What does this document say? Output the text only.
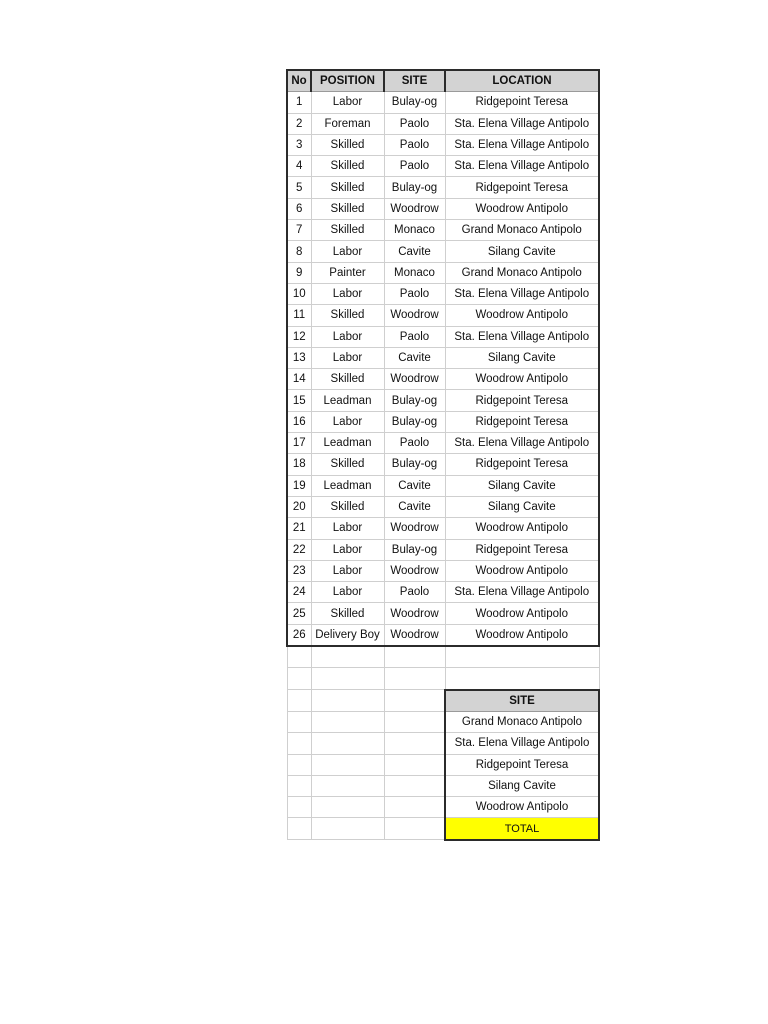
No	POSITION	SITE	LOCATION
1	Labor	Bulay-og	Ridgepoint Teresa
2	Foreman	Paolo	Sta. Elena Village Antipolo
3	Skilled	Paolo	Sta. Elena Village Antipolo
4	Skilled	Paolo	Sta. Elena Village Antipolo
5	Skilled	Bulay-og	Ridgepoint Teresa
6	Skilled	Woodrow	Woodrow Antipolo
7	Skilled	Monaco	Grand Monaco Antipolo
8	Labor	Cavite	Silang Cavite
9	Painter	Monaco	Grand Monaco Antipolo
10	Labor	Paolo	Sta. Elena Village Antipolo
11	Skilled	Woodrow	Woodrow Antipolo
12	Labor	Paolo	Sta. Elena Village Antipolo
13	Labor	Cavite	Silang Cavite
14	Skilled	Woodrow	Woodrow Antipolo
15	Leadman	Bulay-og	Ridgepoint Teresa
16	Labor	Bulay-og	Ridgepoint Teresa
17	Leadman	Paolo	Sta. Elena Village Antipolo
18	Skilled	Bulay-og	Ridgepoint Teresa
19	Leadman	Cavite	Silang Cavite
20	Skilled	Cavite	Silang Cavite
21	Labor	Woodrow	Woodrow Antipolo
22	Labor	Bulay-og	Ridgepoint Teresa
23	Labor	Woodrow	Woodrow Antipolo
24	Labor	Paolo	Sta. Elena Village Antipolo
25	Skilled	Woodrow	Woodrow Antipolo
26	Delivery Boy	Woodrow	Woodrow Antipolo

			SITE
			Grand Monaco Antipolo
			Sta. Elena Village Antipolo
			Ridgepoint Teresa
			Silang Cavite
			Woodrow Antipolo
			TOTAL
